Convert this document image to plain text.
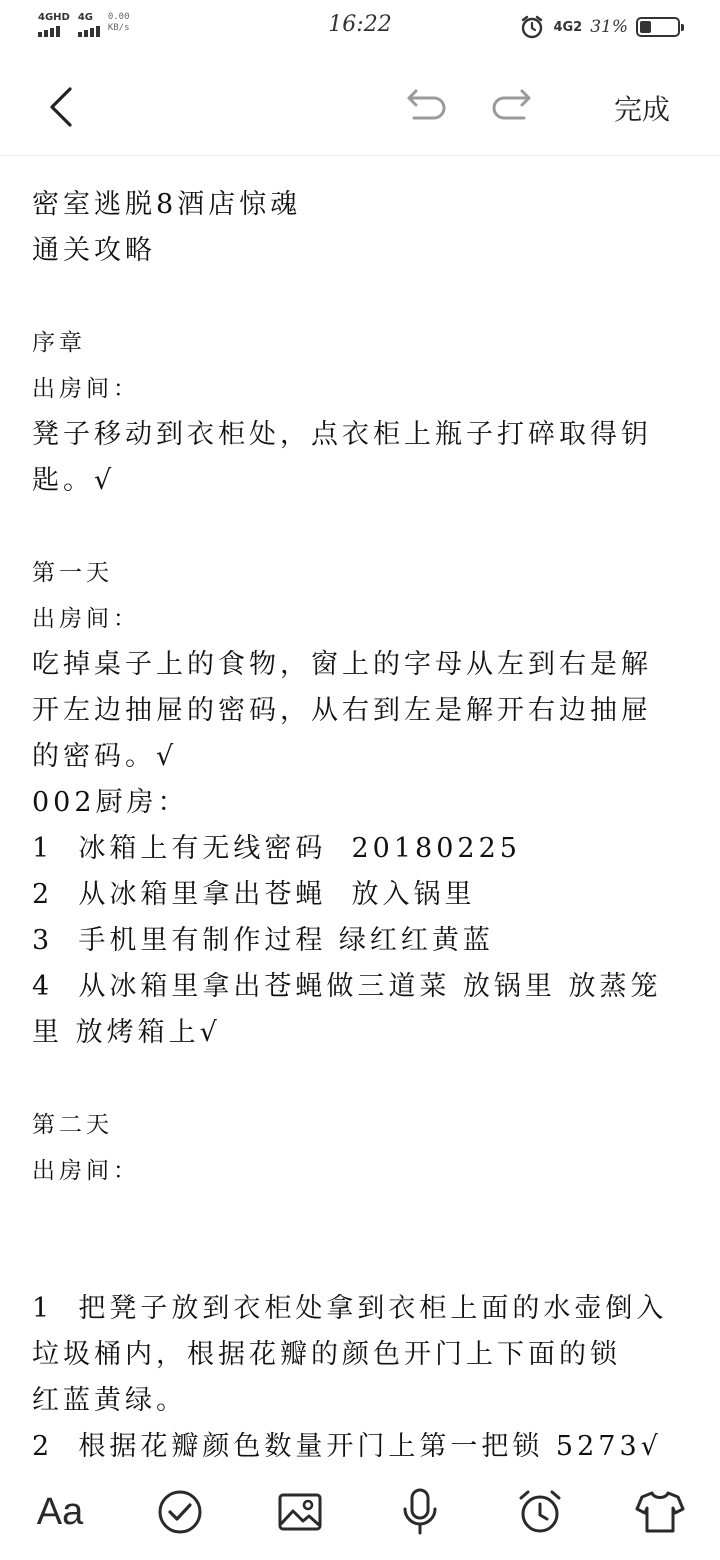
4GHD 4G 0.00
KB/s	16:22	4G2 31%
完成
密室逃脱8酒店惊魂
通关攻略
序章
出房间：
凳子移动到衣柜处，点衣柜上瓶子打碎取得钥
匙。√
第一天
出房间：
吃掉桌子上的食物，窗上的字母从左到右是解
开左边抽屉的密码，从右到左是解开右边抽屉
的密码。√
002厨房：
1  冰箱上有无线密码  20180225
2  从冰箱里拿出苍蝇  放入锅里
3  手机里有制作过程 绿红红黄蓝
4  从冰箱里拿出苍蝇做三道菜 放锅里 放蒸笼
里 放烤箱上√
第二天
出房间：
1  把凳子放到衣柜处拿到衣柜上面的水壶倒入
垃圾桶内，根据花瓣的颜色开门上下面的锁
红蓝黄绿。
2  根据花瓣颜色数量开门上第一把锁 5273√
Aa
